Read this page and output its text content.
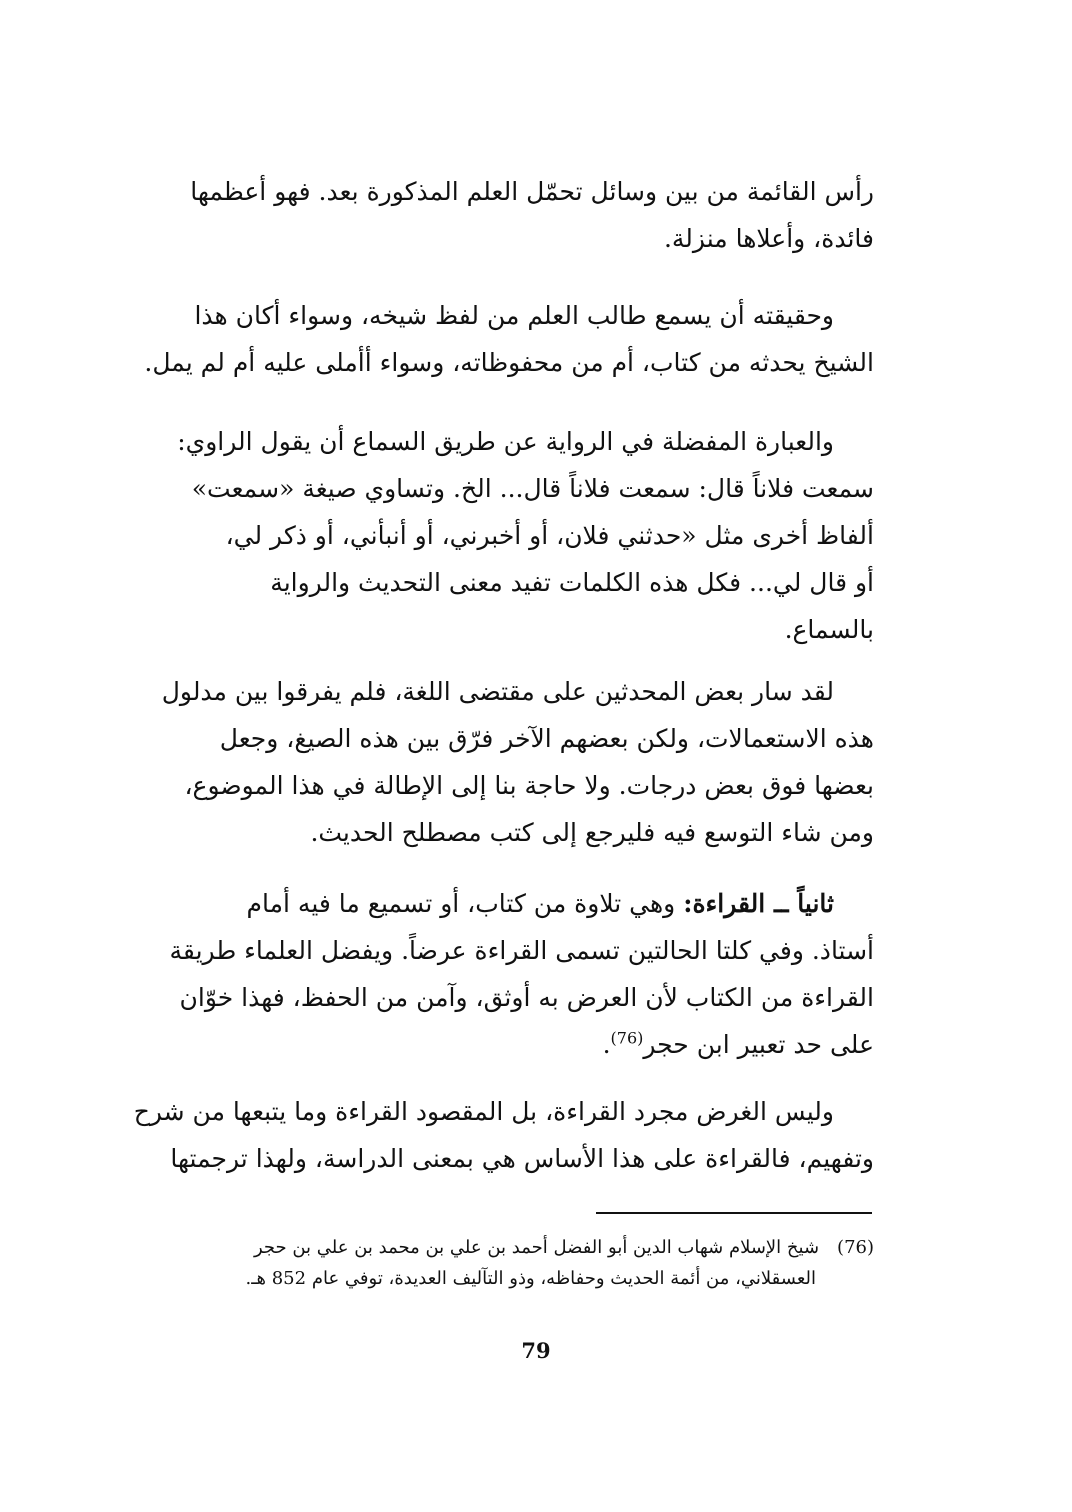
رأس القائمة من بين وسائل تحمّل العلم المذكورة بعد. فهو أعظمها
فائدة، وأعلاها منزلة.

وحقيقته أن يسمع طالب العلم من لفظ شيخه، وسواء أكان هذا
الشيخ يحدثه من كتاب، أم من محفوظاته، وسواء أأملى عليه أم لم يمل.

والعبارة المفضلة في الرواية عن طريق السماع أن يقول الراوي:
سمعت فلاناً قال: سمعت فلاناً قال... الخ. وتساوي صيغة «سمعت»
ألفاظ أخرى مثل «حدثني فلان، أو أخبرني، أو أنبأني، أو ذكر لي،
أو قال لي... فكل هذه الكلمات تفيد معنى التحديث والرواية
بالسماع.

لقد سار بعض المحدثين على مقتضى اللغة، فلم يفرقوا بين مدلول
هذه الاستعمالات، ولكن بعضهم الآخر فرّق بين هذه الصيغ، وجعل
بعضها فوق بعض درجات. ولا حاجة بنا إلى الإطالة في هذا الموضوع،
ومن شاء التوسع فيه فليرجع إلى كتب مصطلح الحديث.

ثانياً ــ القراءة: وهي تلاوة من كتاب، أو تسميع ما فيه أمام
أستاذ. وفي كلتا الحالتين تسمى القراءة عرضاً. ويفضل العلماء طريقة
القراءة من الكتاب لأن العرض به أوثق، وآمن من الحفظ، فهذا خوّان
على حد تعبير ابن حجر$^{(76)}$.

وليس الغرض مجرد القراءة، بل المقصود القراءة وما يتبعها من شرح
وتفهيم، فالقراءة على هذا الأساس هي بمعنى الدراسة، ولهذا ترجمتها

(76)شيخ الإسلام شهاب الدين أبو الفضل أحمد بن علي بن محمد بن علي بن حجر
العسقلاني، من أئمة الحديث وحفاظه، وذو التآليف العديدة، توفي عام 852 هـ.

79
